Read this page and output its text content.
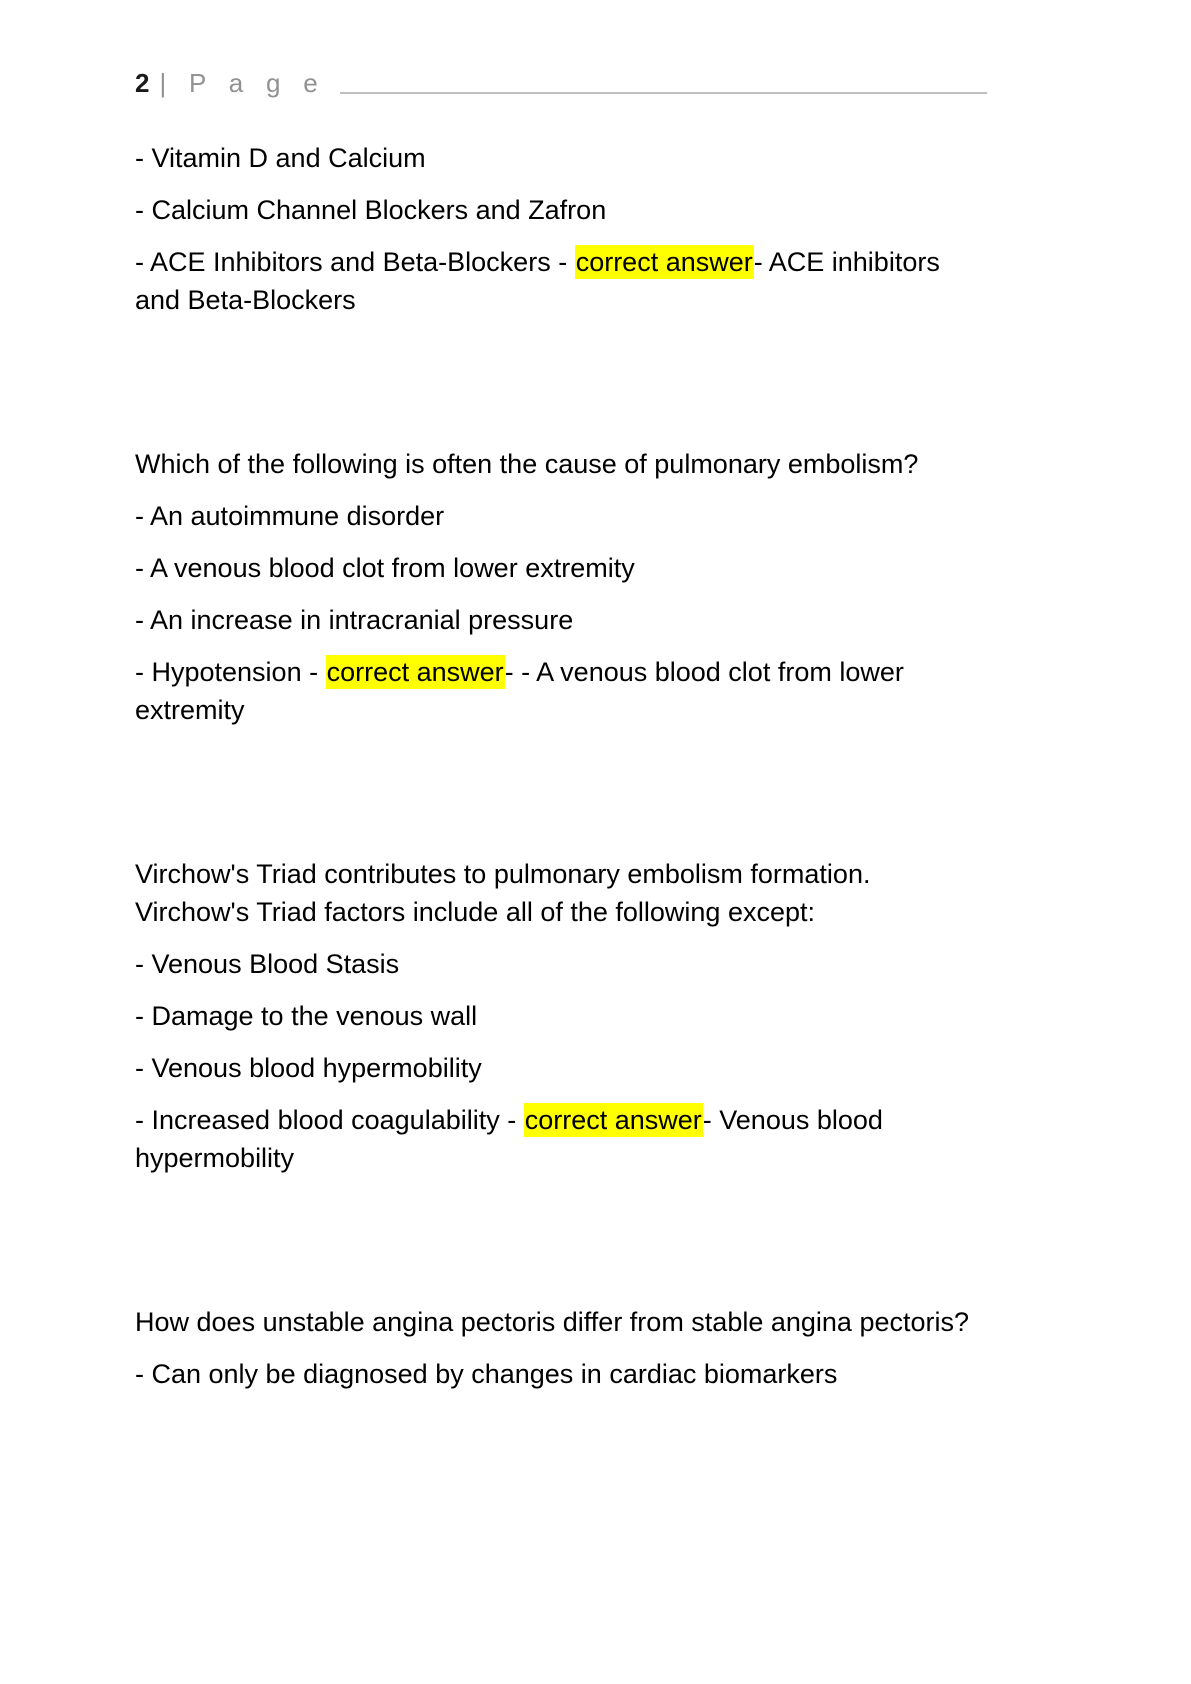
2 | P a g e

- Vitamin D and Calcium

- Calcium Channel Blockers and Zafron

- ACE Inhibitors and Beta-Blockers - correct answer- ACE inhibitors and Beta-Blockers

Which of the following is often the cause of pulmonary embolism?

- An autoimmune disorder

- A venous blood clot from lower extremity

- An increase in intracranial pressure

- Hypotension - correct answer- - A venous blood clot from lower extremity

Virchow's Triad contributes to pulmonary embolism formation. Virchow's Triad factors include all of the following except:

- Venous Blood Stasis

- Damage to the venous wall

- Venous blood hypermobility

- Increased blood coagulability - correct answer- Venous blood hypermobility

How does unstable angina pectoris differ from stable angina pectoris?

- Can only be diagnosed by changes in cardiac biomarkers
